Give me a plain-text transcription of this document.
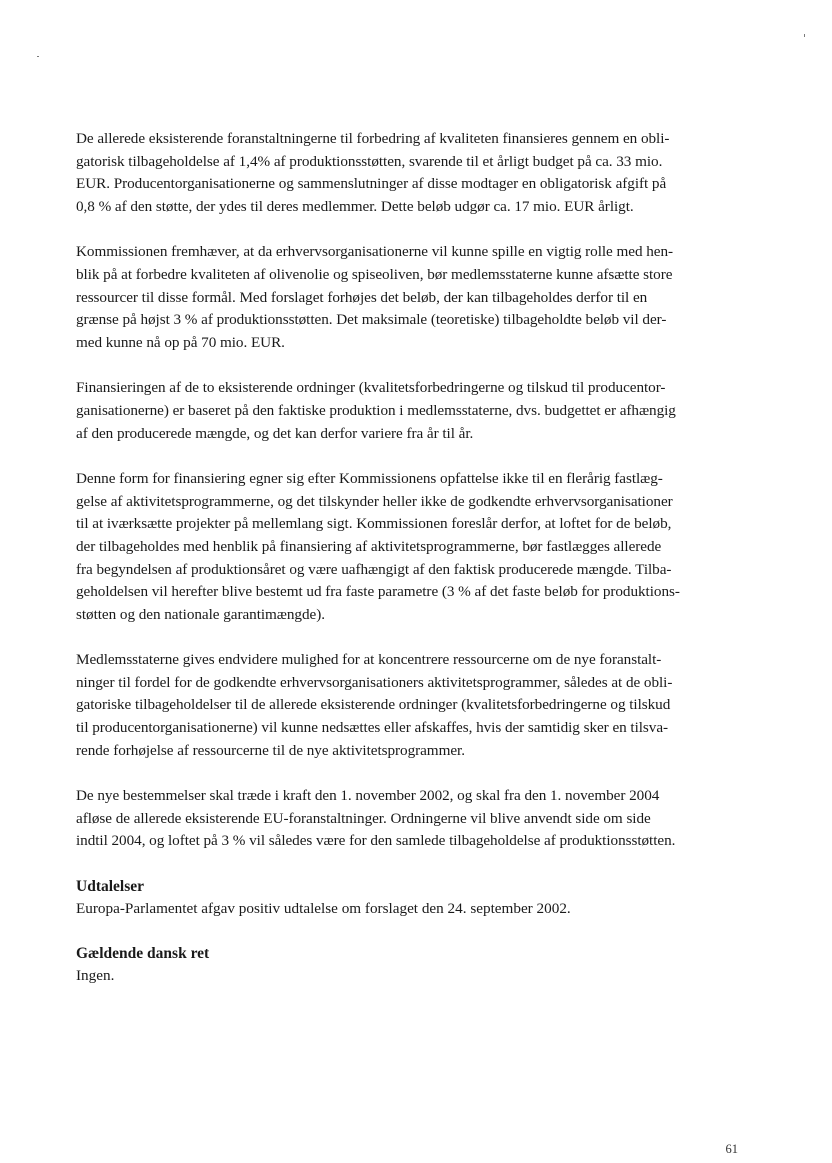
De allerede eksisterende foranstaltningerne til forbedring af kvaliteten finansieres gennem en obli-
gatorisk tilbageholdelse af 1,4% af produktionsstøtten, svarende til et årligt budget på ca. 33 mio.
EUR. Producentorganisationerne og sammenslutninger af disse modtager en obligatorisk afgift på
0,8 % af den støtte, der ydes til deres medlemmer. Dette beløb udgør ca. 17 mio. EUR årligt.

Kommissionen fremhæver, at da erhvervsorganisationerne vil kunne spille en vigtig rolle med hen-
blik på at forbedre kvaliteten af olivenolie og spiseoliven, bør medlemsstaterne kunne afsætte store
ressourcer til disse formål. Med forslaget forhøjes det beløb, der kan tilbageholdes derfor til en
grænse på højst 3 % af produktionsstøtten. Det maksimale (teoretiske) tilbageholdte beløb vil der-
med kunne nå op på 70 mio. EUR.

Finansieringen af de to eksisterende ordninger (kvalitetsforbedringerne og tilskud til producentor-
ganisationerne) er baseret på den faktiske produktion i medlemsstaterne, dvs. budgettet er afhængig
af den producerede mængde, og det kan derfor variere fra år til år.

Denne form for finansiering egner sig efter Kommissionens opfattelse ikke til en flerårig fastlæg-
gelse af aktivitetsprogrammerne, og det tilskynder heller ikke de godkendte erhvervsorganisationer
til at iværksætte projekter på mellemlang sigt. Kommissionen foreslår derfor, at loftet for de beløb,
der tilbageholdes med henblik på finansiering af aktivitetsprogrammerne, bør fastlægges allerede
fra begyndelsen af produktionsåret og være uafhængigt af den faktisk producerede mængde. Tilba-
geholdelsen vil herefter blive bestemt ud fra faste parametre (3 % af det faste beløb for produktions-
støtten og den nationale garantimængde).

Medlemsstaterne gives endvidere mulighed for at koncentrere ressourcerne om de nye foranstalt-
ninger til fordel for de godkendte erhvervsorganisationers aktivitetsprogrammer, således at de obli-
gatoriske tilbageholdelser til de allerede eksisterende ordninger (kvalitetsforbedringerne og tilskud
til producentorganisationerne) vil kunne nedsættes eller afskaffes, hvis der samtidig sker en tilsva-
rende forhøjelse af ressourcerne til de nye aktivitetsprogrammer.

De nye bestemmelser skal træde i kraft den 1. november 2002, og skal fra den 1. november 2004
afløse de allerede eksisterende EU-foranstaltninger. Ordningerne vil blive anvendt side om side
indtil 2004, og loftet på 3 % vil således være for den samlede tilbageholdelse af produktionsstøtten.

Udtalelser

Europa-Parlamentet afgav positiv udtalelse om forslaget den 24. september 2002.

Gældende dansk ret

Ingen.

61
